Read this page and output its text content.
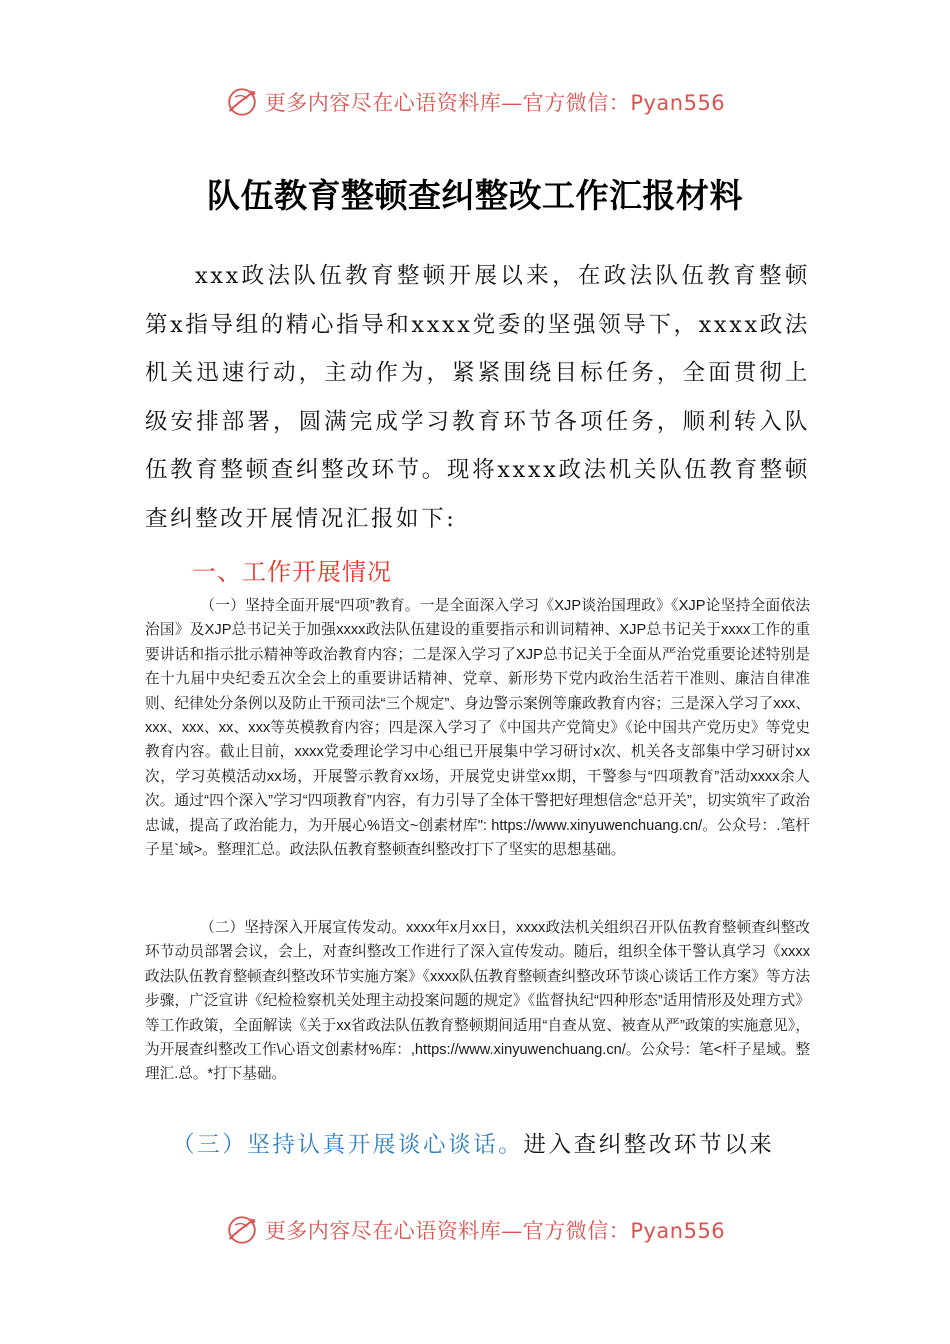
更多内容尽在心语资料库—官方微信：Pyan556
队伍教育整顿查纠整改工作汇报材料

xxx政法队伍教育整顿开展以来，在政法队伍教育整顿第x指导组的精心指导和xxxx党委的坚强领导下，xxxx政法机关迅速行动，主动作为，紧紧围绕目标任务，全面贯彻上级安排部署，圆满完成学习教育环节各项任务，顺利转入队伍教育整顿查纠整改环节。现将xxxx政法机关队伍教育整顿查纠整改开展情况汇报如下:

一、工作开展情况

（一）坚持全面开展“四项”教育。一是全面深入学习《XJP谈治国理政》《XJP论坚持全面依法治国》及XJP总书记关于加强xxxx政法队伍建设的重要指示和训词精神、XJP总书记关于xxxx工作的重要讲话和指示批示精神等政治教育内容；二是深入学习了XJP总书记关于全面从严治党重要论述特别是在十九届中央纪委五次全会上的重要讲话精神、党章、新形势下党内政治生活若干准则、廉洁自律准则、纪律处分条例以及防止干预司法“三个规定”、身边警示案例等廉政教育内容；三是深入学习了xxx、xxx、xxx、xx、xxx等英模教育内容；四是深入学习了《中国共产党简史》《论中国共产党历史》等党史教育内容。截止目前，xxxx党委理论学习中心组已开展集中学习研讨x次、机关各支部集中学习研讨xx次，学习英模活动xx场，开展警示教育xx场，开展党史讲堂xx期，干警参与“四项教育”活动xxxx余人次。通过“四个深入”学习“四项教育”内容，有力引导了全体干警把好理想信念“总开关”，切实筑牢了政治忠诚，提高了政治能力，为开展心%语文~创素材库": https://www.xinyuwenchuang.cn/。公众号：.笔杆子星`域>。整理汇总。政法队伍教育整顿查纠整改打下了坚实的思想基础。

（二）坚持深入开展宣传发动。xxxx年x月xx日，xxxx政法机关组织召开队伍教育整顿查纠整改环节动员部署会议，会上，对查纠整改工作进行了深入宣传发动。随后，组织全体干警认真学习《xxxx政法队伍教育整顿查纠整改环节实施方案》《xxxx队伍教育整顿查纠整改环节谈心谈话工作方案》等方法步骤，广泛宣讲《纪检检察机关处理主动投案问题的规定》《监督执纪“四种形态”适用情形及处理方式》等工作政策，全面解读《关于xx省政法队伍教育整顿期间适用“自查从宽、被查从严”政策的实施意见》，为开展查纠整改工作\心语文创素材%库：,https://www.xinyuwenchuang.cn/。公众号：笔<杆子星域。整理汇.总。*打下基础。

（三）坚持认真开展谈心谈话。进入查纠整改环节以来

更多内容尽在心语资料库—官方微信：Pyan556
